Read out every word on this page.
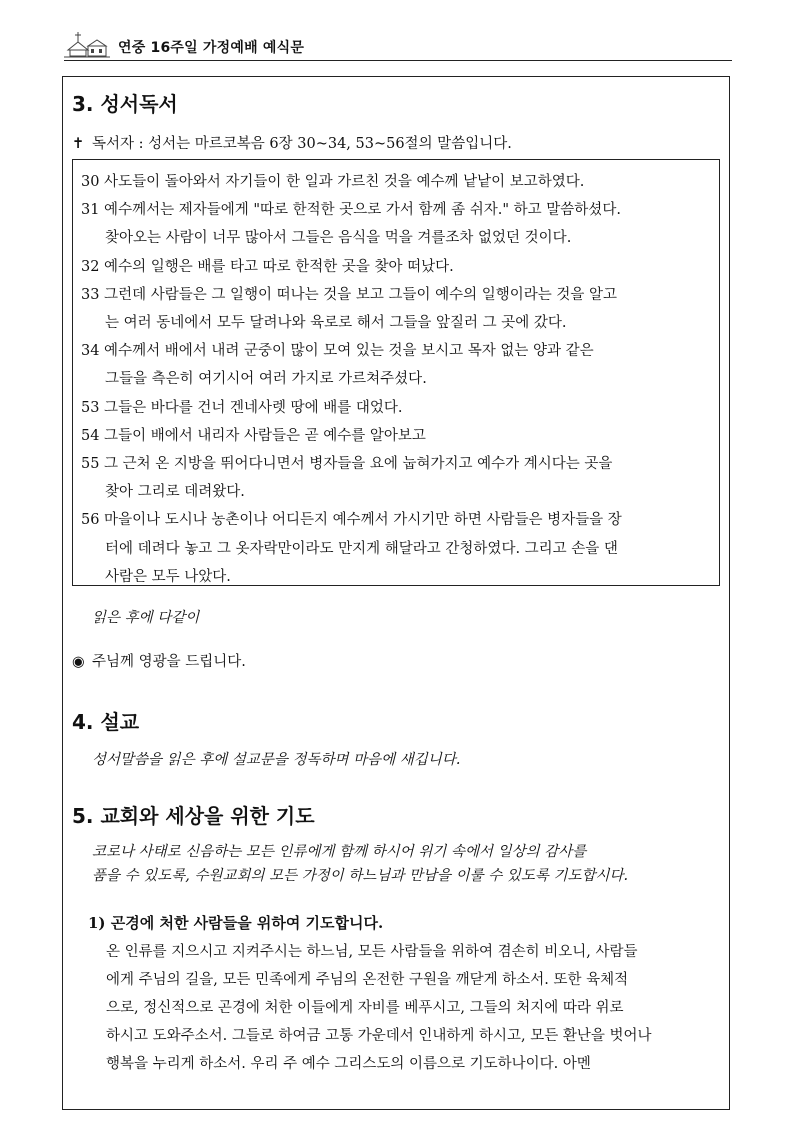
연중 16주일 가정예배 예식문
3. 성서독서
✝ 독서자 : 성서는 마르코복음 6장 30~34, 53~56절의 말씀입니다.
30 사도들이 돌아와서 자기들이 한 일과 가르친 것을 예수께 낱낱이 보고하였다.
31 예수께서는 제자들에게 "따로 한적한 곳으로 가서 함께 좀 쉬자." 하고 말씀하셨다.
찾아오는 사람이 너무 많아서 그들은 음식을 먹을 겨를조차 없었던 것이다.
32 예수의 일행은 배를 타고 따로 한적한 곳을 찾아 떠났다.
33 그런데 사람들은 그 일행이 떠나는 것을 보고 그들이 예수의 일행이라는 것을 알고
는 여러 동네에서 모두 달려나와 육로로 해서 그들을 앞질러 그 곳에 갔다.
34 예수께서 배에서 내려 군중이 많이 모여 있는 것을 보시고 목자 없는 양과 같은
그들을 측은히 여기시어 여러 가지로 가르쳐주셨다.
53 그들은 바다를 건너 겐네사렛 땅에 배를 대었다.
54 그들이 배에서 내리자 사람들은 곧 예수를 알아보고
55 그 근처 온 지방을 뛰어다니면서 병자들을 요에 눕혀가지고 예수가 계시다는 곳을
찾아 그리로 데려왔다.
56 마을이나 도시나 농촌이나 어디든지 예수께서 가시기만 하면 사람들은 병자들을 장
터에 데려다 놓고 그 옷자락만이라도 만지게 해달라고 간청하였다. 그리고 손을 댄
사람은 모두 나았다.
읽은 후에 다같이
◉ 주님께 영광을 드립니다.
4. 설교
성서말씀을 읽은 후에 설교문을 정독하며 마음에 새깁니다.
5. 교회와 세상을 위한 기도
코로나 사태로 신음하는 모든 인류에게 함께 하시어 위기 속에서 일상의 감사를
품을 수 있도록, 수원교회의 모든 가정이 하느님과 만남을 이룰 수 있도록 기도합시다.
1) 곤경에 처한 사람들을 위하여 기도합니다.
온 인류를 지으시고 지켜주시는 하느님, 모든 사람들을 위하여 겸손히 비오니, 사람들
에게 주님의 길을, 모든 민족에게 주님의 온전한 구원을 깨닫게 하소서. 또한 육체적
으로, 정신적으로 곤경에 처한 이들에게 자비를 베푸시고, 그들의 처지에 따라 위로
하시고 도와주소서. 그들로 하여금 고통 가운데서 인내하게 하시고, 모든 환난을 벗어나
행복을 누리게 하소서. 우리 주 예수 그리스도의 이름으로 기도하나이다. 아멘
